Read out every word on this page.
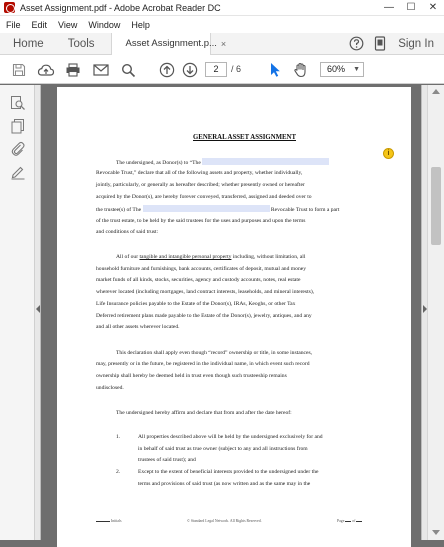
Asset Assignment.pdf - Adobe Acrobat Reader DC	—	☐	✕
File Edit View Window Help
Home	Tools	Asset Assignment.p... ×	Sign In
2	/ 6	60% ▼
GENERAL ASSET ASSIGNMENT
i
The undersigned, as Donor(s) to “The
Revocable Trust,” declare that all of the following assets and property, whether individually,
jointly, particularly, or generally as hereafter described; whether presently owned or hereafter
acquired by the Donor(s), are hereby forever conveyed, transferred, assigned and deeded over to
the trustee(s) of The	Revocable Trust to form a part
of the trust estate, to be held by the said trustees for the uses and purposes and upon the terms
and conditions of said trust:
All of our tangible and intangible personal property including, without limitation, all
household furniture and furnishings, bank accounts, certificates of deposit, mutual and money
market funds of all kinds, stocks, securities, agency and custody accounts, notes, real estate
wherever located (including mortgages, land contract interests, leaseholds, and mineral interests),
Life Insurance policies payable to the Estate of the Donor(s), IRAs, Keoghs, or other Tax
Deferred retirement plans made payable to the Estate of the Donor(s), jewelry, antiques, and any
and all other assets wherever located.
This declaration shall apply even though “record” ownership or title, in some instances,
may, presently or in the future, be registered in the individual name, in which event such record
ownership shall hereby be deemed held in trust even though such trusteeship remains
undisclosed.
The undersigned hereby affirm and declare that from and after the date hereof:
1.	All properties described above will be held by the undersigned exclusively for and
in behalf of said trust as true owner (subject to any and all instructions from
trustees of said trust); and
2.	Except to the extent of beneficial interests provided to the undersigned under the
terms and provisions of said trust (as now written and as the same may in the
Initials	© Standard Legal Network. All Rights Reserved.	Page of
